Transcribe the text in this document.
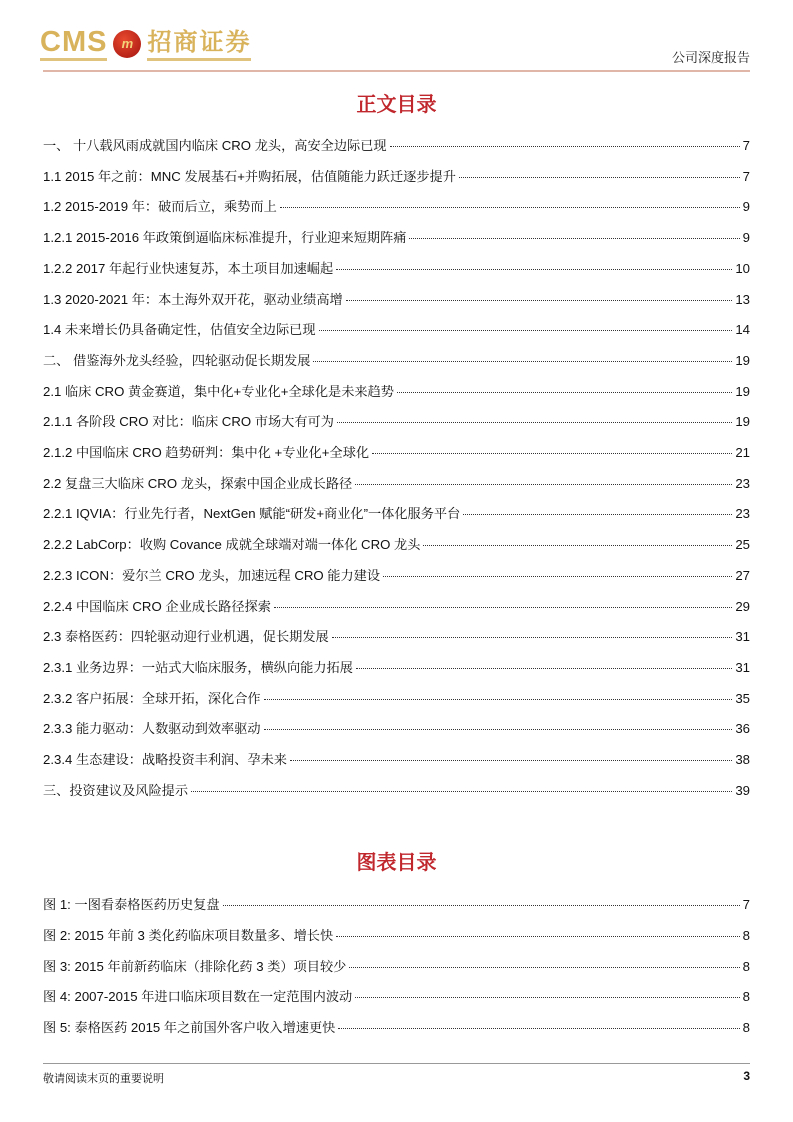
CMS	m 招商证券
公司深度报告
正文目录
一、 十八载风雨成就国内临床 CRO 龙头，高安全边际已现	7
1.1 2015 年之前：MNC 发展基石+并购拓展，估值随能力跃迁逐步提升	7
1.2 2015-2019 年：破而后立，乘势而上	9
1.2.1 2015-2016 年政策倒逼临床标准提升，行业迎来短期阵痛	9
1.2.2 2017 年起行业快速复苏，本土项目加速崛起	10
1.3 2020-2021 年：本土海外双开花，驱动业绩高增	13
1.4 未来增长仍具备确定性，估值安全边际已现	14
二、 借鉴海外龙头经验，四轮驱动促长期发展	19
2.1 临床 CRO 黄金赛道，集中化+专业化+全球化是未来趋势	19
2.1.1 各阶段 CRO 对比：临床 CRO 市场大有可为	19
2.1.2 中国临床 CRO 趋势研判：集中化 +专业化+全球化	21
2.2 复盘三大临床 CRO 龙头，探索中国企业成长路径	23
2.2.1 IQVIA：行业先行者，NextGen 赋能“研发+商业化”一体化服务平台	23
2.2.2 LabCorp：收购 Covance 成就全球端对端一体化 CRO 龙头	25
2.2.3 ICON：爱尔兰 CRO 龙头，加速远程 CRO 能力建设	27
2.2.4 中国临床 CRO 企业成长路径探索	29
2.3 泰格医药：四轮驱动迎行业机遇，促长期发展	31
2.3.1 业务边界：一站式大临床服务，横纵向能力拓展	31
2.3.2 客户拓展：全球开拓，深化合作	35
2.3.3 能力驱动：人数驱动到效率驱动	36
2.3.4 生态建设：战略投资丰利润、孕未来	38
三、投资建议及风险提示	39
图表目录
图 1: 一图看泰格医药历史复盘	7
图 2: 2015 年前 3 类化药临床项目数量多、增长快	8
图 3: 2015 年前新药临床（排除化药 3 类）项目较少	8
图 4: 2007-2015 年进口临床项目数在一定范围内波动	8
图 5: 泰格医药 2015 年之前国外客户收入增速更快	8
敬请阅读末页的重要说明	3
